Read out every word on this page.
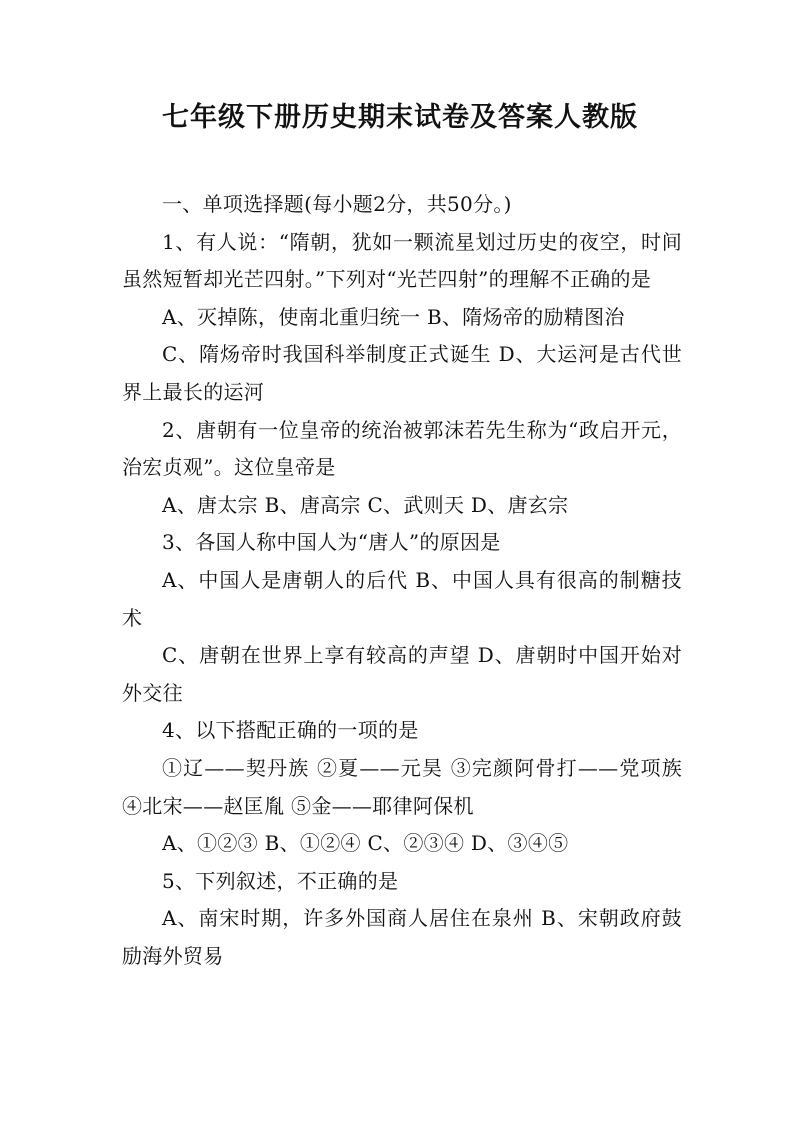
七年级下册历史期末试卷及答案人教版

一、单项选择题(每小题2分，共50分。)

1、有人说：“隋朝，犹如一颗流星划过历史的夜空，时间虽然短暂却光芒四射。”下列对“光芒四射”的理解不正确的是

A、灭掉陈，使南北重归统一 B、隋炀帝的励精图治

C、隋炀帝时我国科举制度正式诞生 D、大运河是古代世界上最长的运河

2、唐朝有一位皇帝的统治被郭沫若先生称为“政启开元，治宏贞观”。这位皇帝是

A、唐太宗 B、唐高宗 C、武则天 D、唐玄宗

3、各国人称中国人为“唐人”的原因是

A、中国人是唐朝人的后代 B、中国人具有很高的制糖技术

C、唐朝在世界上享有较高的声望 D、唐朝时中国开始对外交往

4、以下搭配正确的一项的是

①辽——契丹族 ②夏——元昊 ③完颜阿骨打——党项族 ④北宋——赵匡胤 ⑤金——耶律阿保机

A、①②③ B、①②④ C、②③④ D、③④⑤

5、下列叙述，不正确的是

A、南宋时期，许多外国商人居住在泉州 B、宋朝政府鼓励海外贸易
